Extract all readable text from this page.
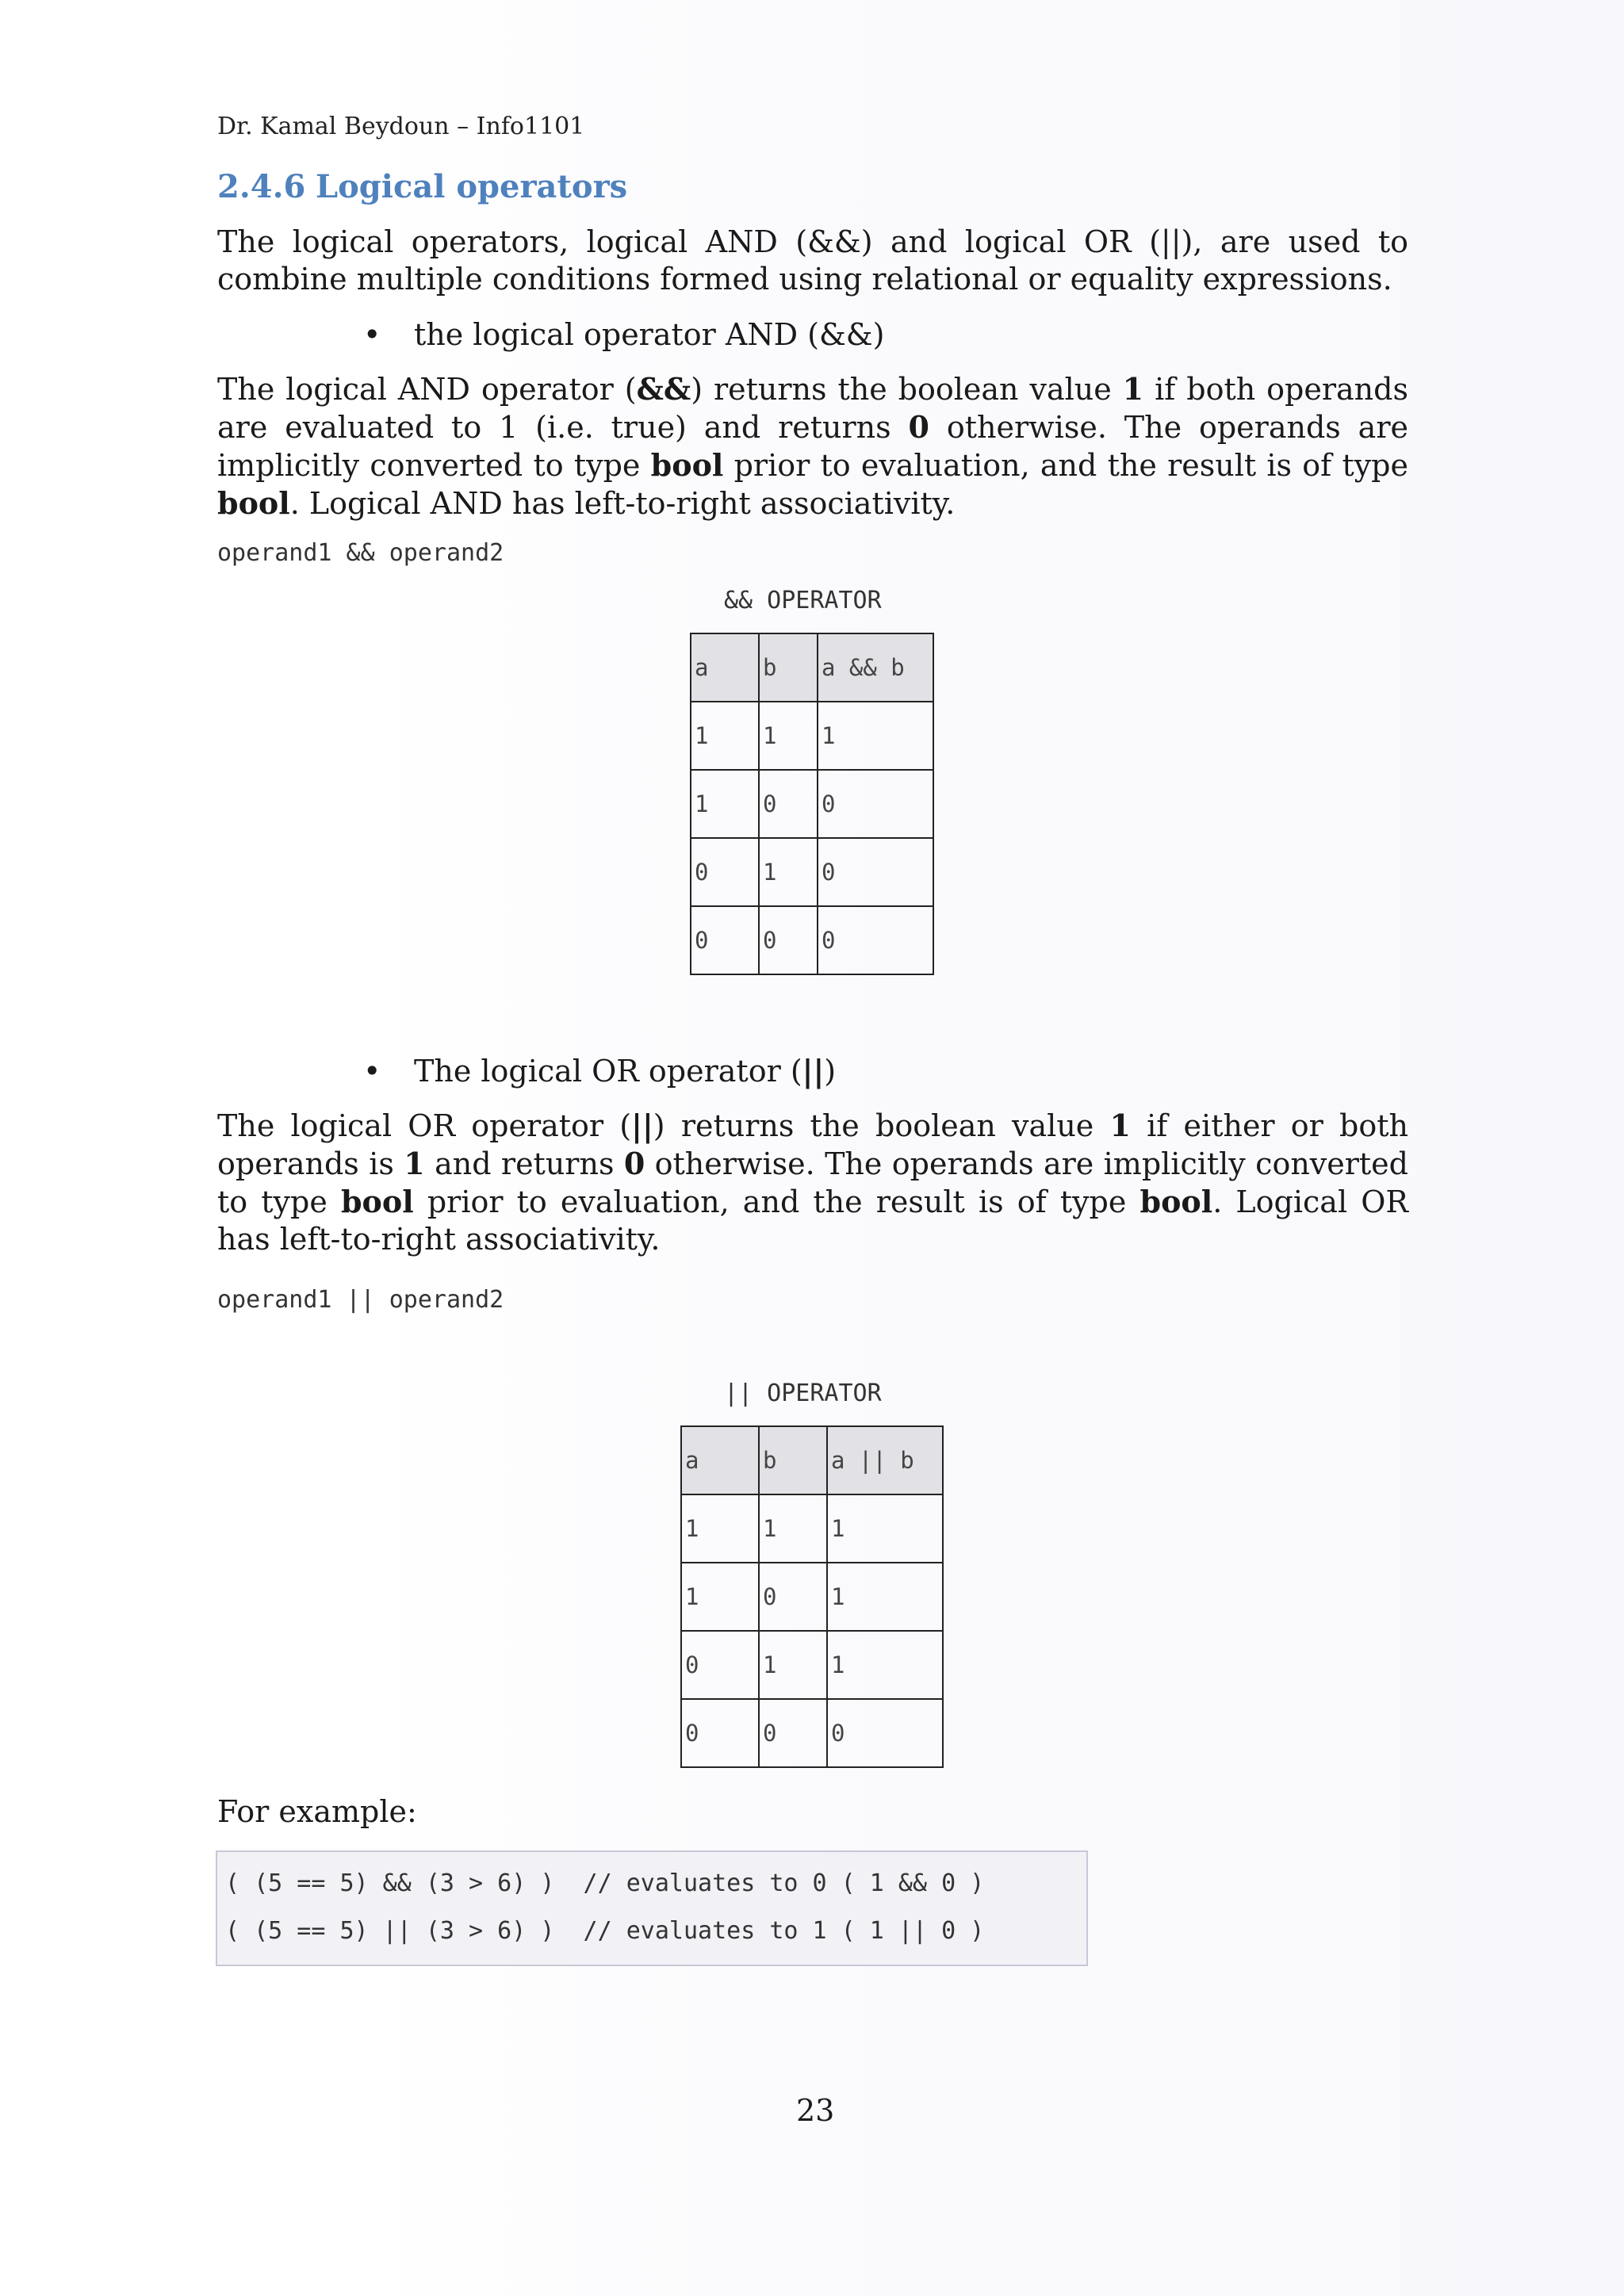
Dr. Kamal Beydoun – Info1101
2.4.6 Logical operators
The logical operators, logical AND (&&) and logical OR (||), are used to combine multiple conditions formed using relational or equality expressions.
• the logical operator AND (&&)
The logical AND operator (&&) returns the boolean value 1 if both operands are evaluated to 1 (i.e. true) and returns 0 otherwise. The operands are implicitly converted to type bool prior to evaluation, and the result is of type bool. Logical AND has left-to-right associativity.
operand1 && operand2
&& OPERATOR
a	b	a && b
1	1	1
1	0	0
0	1	0
0	0	0
• The logical OR operator (||)
The logical OR operator (||) returns the boolean value 1 if either or both operands is 1 and returns 0 otherwise. The operands are implicitly converted to type bool prior to evaluation, and the result is of type bool. Logical OR has left-to-right associativity.
operand1 || operand2
|| OPERATOR
a	b	a || b
1	1	1
1	0	1
0	1	1
0	0	0
For example:
( (5 == 5) && (3 > 6) )  // evaluates to 0 ( 1 && 0 )
( (5 == 5) || (3 > 6) )  // evaluates to 1 ( 1 || 0 )
23
